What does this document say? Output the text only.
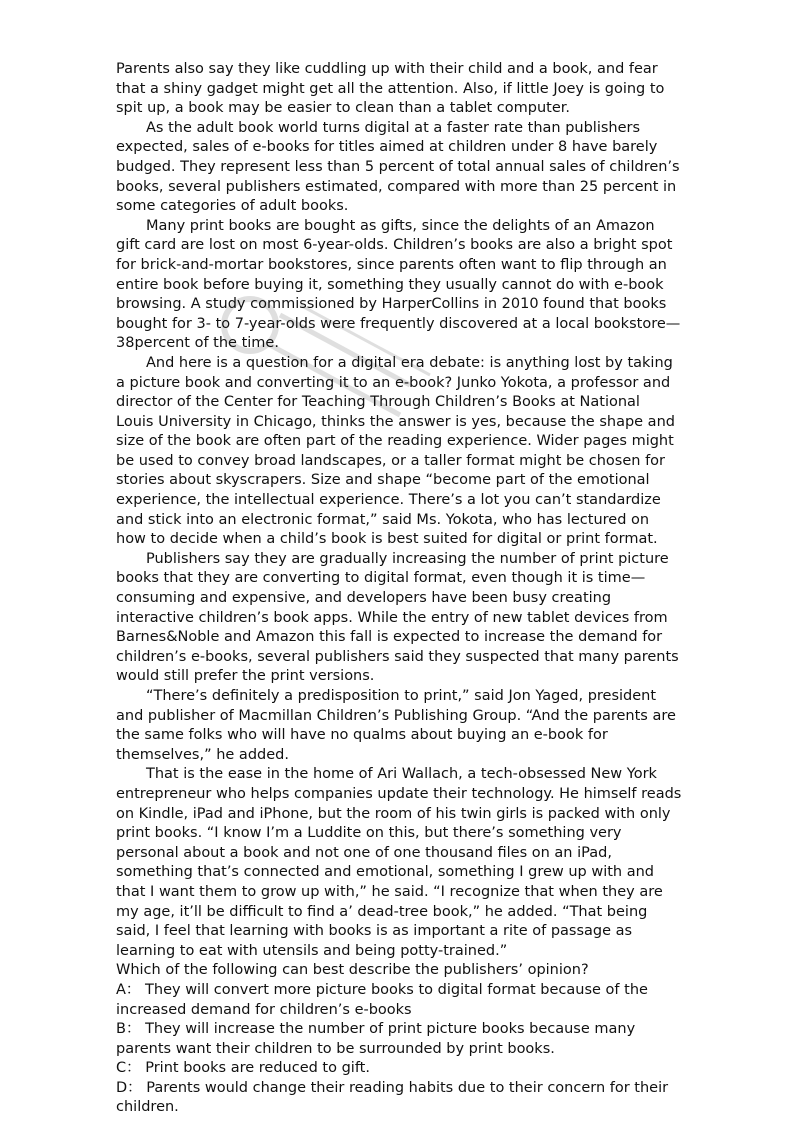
Parents also say they like cuddling up with their child and a book, and fear that a shiny gadget might get all the attention. Also, if little Joey is going to spit up, a book may be easier to clean than a tablet computer.

As the adult book world turns digital at a faster rate than publishers expected, sales of e-books for titles aimed at children under 8 have barely budged. They represent less than 5 percent of total annual sales of children’s books, several publishers estimated, compared with more than 25 percent in some categories of adult books.

Many print books are bought as gifts, since the delights of an Amazon gift card are lost on most 6-year-olds. Children’s books are also a bright spot for brick-and-mortar bookstores, since parents often want to flip through an entire book before buying it, something they usually cannot do with e-book browsing. A study commissioned by HarperCollins in 2010 found that books bought for 3- to 7-year-olds were frequently discovered at a local bookstore—38percent of the time.

And here is a question for a digital era debate: is anything lost by taking a picture book and converting it to an e-book? Junko Yokota, a professor and director of the Center for Teaching Through Children’s Books at National Louis University in Chicago, thinks the answer is yes, because the shape and size of the book are often part of the reading experience. Wider pages might be used to convey broad landscapes, or a taller format might be chosen for stories about skyscrapers. Size and shape “become part of the emotional experience, the intellectual experience. There’s a lot you can’t standardize and stick into an electronic format,” said Ms. Yokota, who has lectured on how to decide when a child’s book is best suited for digital or print format.

Publishers say they are gradually increasing the number of print picture books that they are converting to digital format, even though it is time—consuming and expensive, and developers have been busy creating interactive children’s book apps. While the entry of new tablet devices from Barnes&Noble and Amazon this fall is expected to increase the demand for children’s e-books, several publishers said they suspected that many parents would still prefer the print versions.

“There’s definitely a predisposition to print,” said Jon Yaged, president and publisher of Macmillan Children’s Publishing Group. “And the parents are the same folks who will have no qualms about buying an e-book for themselves,” he added.

That is the ease in the home of Ari Wallach, a tech-obsessed New York entrepreneur who helps companies update their technology. He himself reads on Kindle, iPad and iPhone, but the room of his twin girls is packed with only print books. “I know I’m a Luddite on this, but there’s something very personal about a book and not one of one thousand files on an iPad, something that’s connected and emotional, something I grew up with and that I want them to grow up with,” he said. “I recognize that when they are my age, it’ll be difficult to find a’ dead-tree book,” he added. “That being said, I feel that learning with books is as important a rite of passage as learning to eat with utensils and being potty-trained.”

Which of the following can best describe the publishers’ opinion?

A： They will convert more picture books to digital format because of the increased demand for children’s e-books

B： They will increase the number of print picture books because many parents want their children to be surrounded by print books.

C： Print books are reduced to gift.

D： Parents would change their reading habits due to their concern for their children.
